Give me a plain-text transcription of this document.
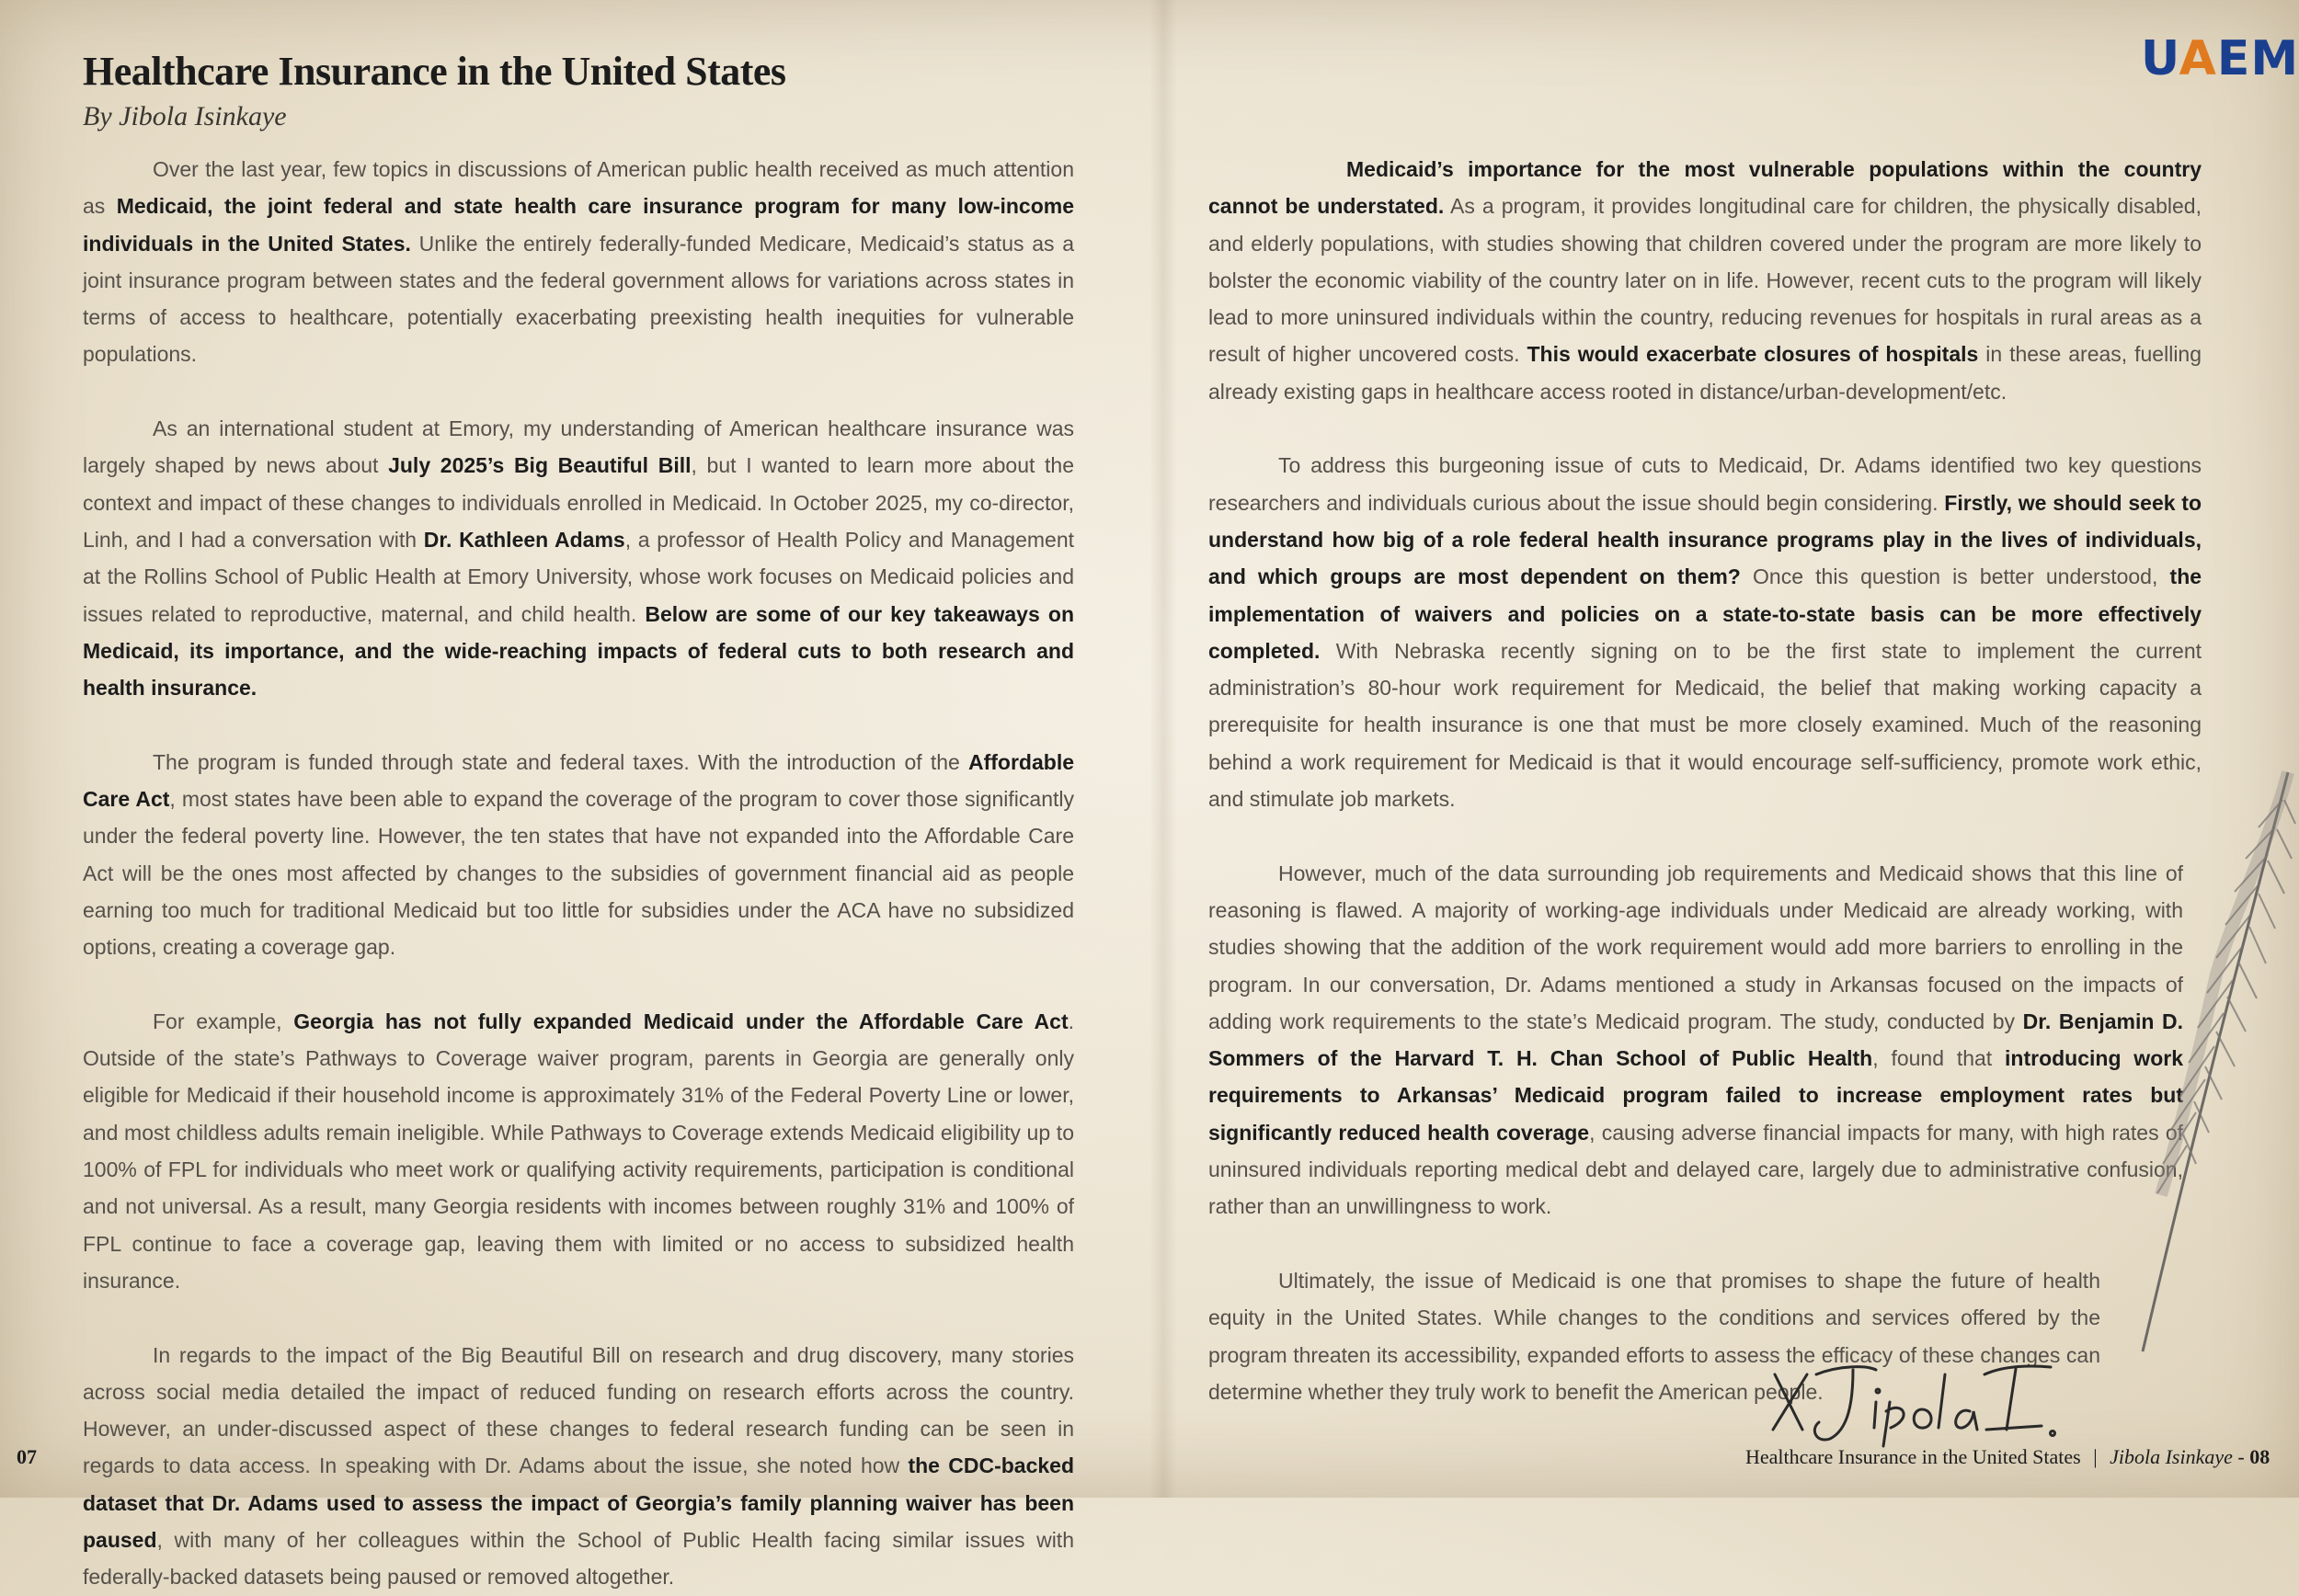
Healthcare Insurance in the United States
By Jibola Isinkaye
UAEM

Over the last year, few topics in discussions of American public health received as much attention as Medicaid, the joint federal and state health care insurance program for many low-income individuals in the United States. Unlike the entirely federally-funded Medicare, Medicaid’s status as a joint insurance program between states and the federal government allows for variations across states in terms of access to healthcare, potentially exacerbating preexisting health inequities for vulnerable populations.

As an international student at Emory, my understanding of American healthcare insurance was largely shaped by news about July 2025’s Big Beautiful Bill, but I wanted to learn more about the context and impact of these changes to individuals enrolled in Medicaid. In October 2025, my co-director, Linh, and I had a conversation with Dr. Kathleen Adams, a professor of Health Policy and Management at the Rollins School of Public Health at Emory University, whose work focuses on Medicaid policies and issues related to reproductive, maternal, and child health. Below are some of our key takeaways on Medicaid, its importance, and the wide-reaching impacts of federal cuts to both research and health insurance.

The program is funded through state and federal taxes. With the introduction of the Affordable Care Act, most states have been able to expand the coverage of the program to cover those significantly under the federal poverty line. However, the ten states that have not expanded into the Affordable Care Act will be the ones most affected by changes to the subsidies of government financial aid as people earning too much for traditional Medicaid but too little for subsidies under the ACA have no subsidized options, creating a coverage gap.

For example, Georgia has not fully expanded Medicaid under the Affordable Care Act. Outside of the state’s Pathways to Coverage waiver program, parents in Georgia are generally only eligible for Medicaid if their household income is approximately 31% of the Federal Poverty Line or lower, and most childless adults remain ineligible. While Pathways to Coverage extends Medicaid eligibility up to 100% of FPL for individuals who meet work or qualifying activity requirements, participation is conditional and not universal. As a result, many Georgia residents with incomes between roughly 31% and 100% of FPL continue to face a coverage gap, leaving them with limited or no access to subsidized health insurance.

In regards to the impact of the Big Beautiful Bill on research and drug discovery, many stories across social media detailed the impact of reduced funding on research efforts across the country. However, an under-discussed aspect of these changes to federal research funding can be seen in regards to data access. In speaking with Dr. Adams about the issue, she noted how the CDC-backed dataset that Dr. Adams used to assess the impact of Georgia’s family planning waiver has been paused, with many of her colleagues within the School of Public Health facing similar issues with federally-backed datasets being paused or removed altogether.

Medicaid’s importance for the most vulnerable populations within the country cannot be understated. As a program, it provides longitudinal care for children, the physically disabled, and elderly populations, with studies showing that children covered under the program are more likely to bolster the economic viability of the country later on in life. However, recent cuts to the program will likely lead to more uninsured individuals within the country, reducing revenues for hospitals in rural areas as a result of higher uncovered costs. This would exacerbate closures of hospitals in these areas, fuelling already existing gaps in healthcare access rooted in distance/urban-development/etc.

To address this burgeoning issue of cuts to Medicaid, Dr. Adams identified two key questions researchers and individuals curious about the issue should begin considering. Firstly, we should seek to understand how big of a role federal health insurance programs play in the lives of individuals, and which groups are most dependent on them? Once this question is better understood, the implementation of waivers and policies on a state-to-state basis can be more effectively completed. With Nebraska recently signing on to be the first state to implement the current administration’s 80-hour work requirement for Medicaid, the belief that making working capacity a prerequisite for health insurance is one that must be more closely examined. Much of the reasoning behind a work requirement for Medicaid is that it would encourage self-sufficiency, promote work ethic, and stimulate job markets.

However, much of the data surrounding job requirements and Medicaid shows that this line of reasoning is flawed. A majority of working-age individuals under Medicaid are already working, with studies showing that the addition of the work requirement would add more barriers to enrolling in the program. In our conversation, Dr. Adams mentioned a study in Arkansas focused on the impacts of adding work requirements to the state’s Medicaid program. The study, conducted by Dr. Benjamin D. Sommers of the Harvard T. H. Chan School of Public Health, found that introducing work requirements to Arkansas’ Medicaid program failed to increase employment rates but significantly reduced health coverage, causing adverse financial impacts for many, with high rates of uninsured individuals reporting medical debt and delayed care, largely due to administrative confusion, rather than an unwillingness to work.

Ultimately, the issue of Medicaid is one that promises to shape the future of health equity in the United States. While changes to the conditions and services offered by the program threaten its accessibility, expanded efforts to assess the efficacy of these changes can determine whether they truly work to benefit the American people.

07	Healthcare Insurance in the United States | Jibola Isinkaye - 08
